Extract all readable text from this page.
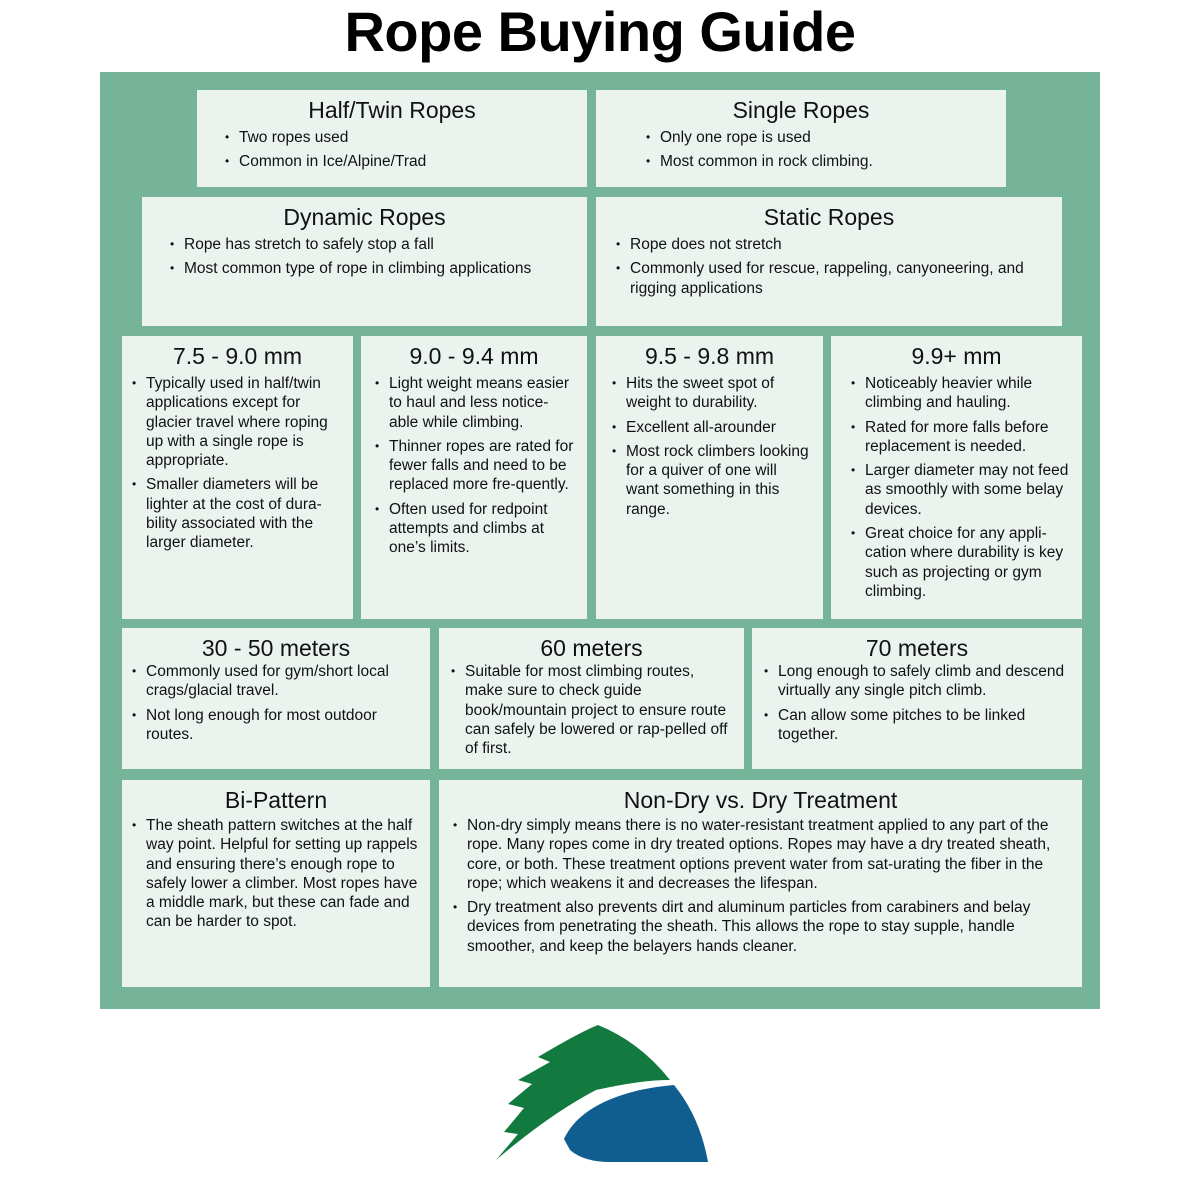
Rope Buying Guide
Half/Twin Ropes
• Two ropes used
• Common in Ice/Alpine/Trad
Single Ropes
• Only one rope is used
• Most common in rock climbing.
Dynamic Ropes
• Rope has stretch to safely stop a fall
• Most common type of rope in climbing applications
Static Ropes
• Rope does not stretch
• Commonly used for rescue, rappeling, canyoneering, and rigging applications
7.5 - 9.0 mm
• Typically used in half/twin applications except for glacier travel where roping up with a single rope is appropriate.
• Smaller diameters will be lighter at the cost of dura-bility associated with the larger diameter.
9.0 - 9.4 mm
• Light weight means easier to haul and less notice-able while climbing.
• Thinner ropes are rated for fewer falls and need to be replaced more fre-quently.
• Often used for redpoint attempts and climbs at one’s limits.
9.5 - 9.8 mm
• Hits the sweet spot of weight to durability.
• Excellent all-arounder
• Most rock climbers looking for a quiver of one will want something in this range.
9.9+ mm
• Noticeably heavier while climbing and hauling.
• Rated for more falls before replacement is needed.
• Larger diameter may not feed as smoothly with some belay devices.
• Great choice for any appli-cation where durability is key such as projecting or gym climbing.
30 - 50 meters
• Commonly used for gym/short local crags/glacial travel.
• Not long enough for most outdoor routes.
60 meters
• Suitable for most climbing routes, make sure to check guide book/mountain project to ensure route can safely be lowered or rap-pelled off of first.
70 meters
• Long enough to safely climb and descend virtually any single pitch climb.
• Can allow some pitches to be linked together.
Bi-Pattern
• The sheath pattern switches at the half way point. Helpful for setting up rappels and ensuring there’s enough rope to safely lower a climber. Most ropes have a middle mark, but these can fade and can be harder to spot.
Non-Dry vs. Dry Treatment
• Non-dry simply means there is no water-resistant treatment applied to any part of the rope. Many ropes come in dry treated options. Ropes may have a dry treated sheath, core, or both. These treatment options prevent water from sat-urating the fiber in the rope; which weakens it and decreases the lifespan.
• Dry treatment also prevents dirt and aluminum particles from carabiners and belay devices from penetrating the sheath. This allows the rope to stay supple, handle smoother, and keep the belayers hands cleaner.
